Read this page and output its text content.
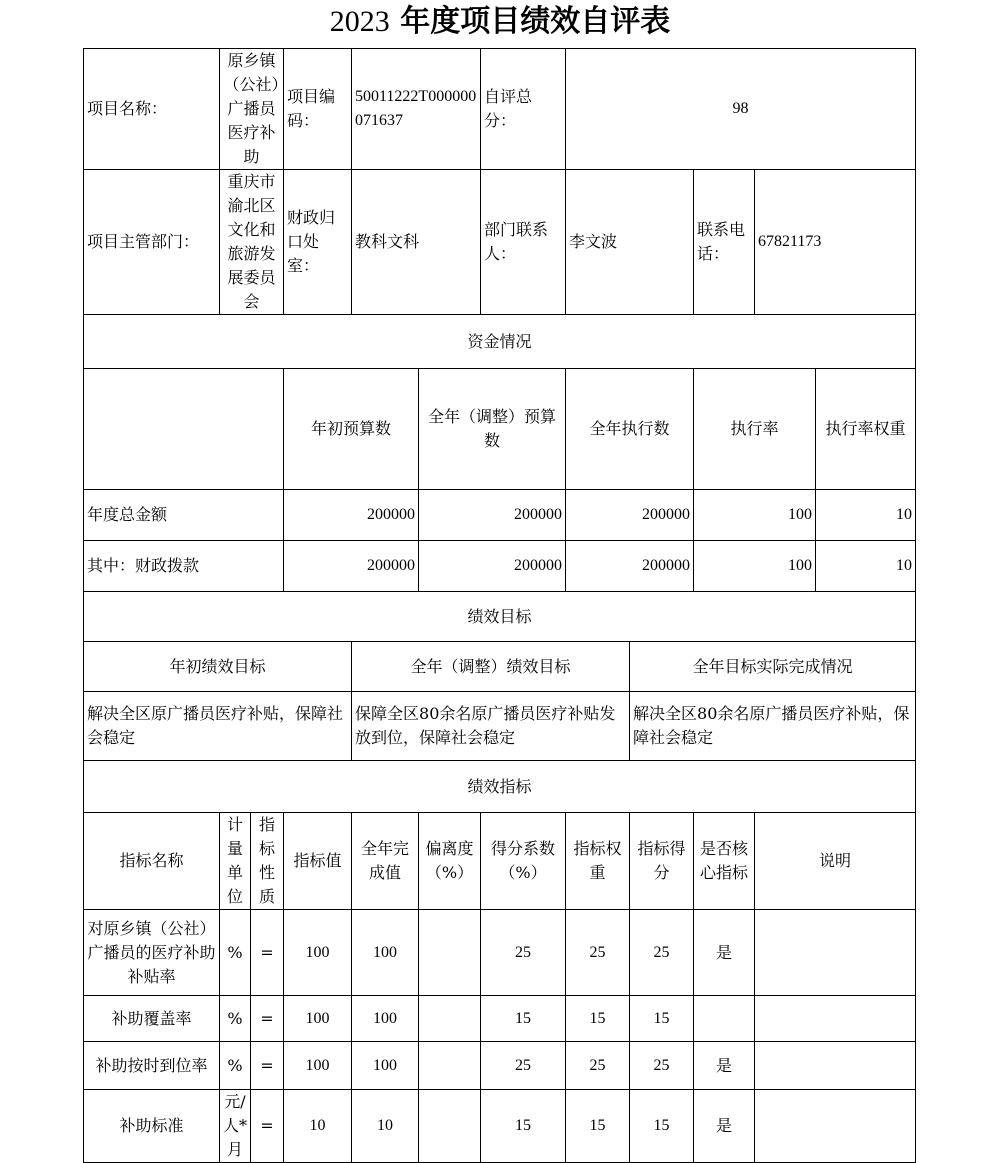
2023 年度项目绩效自评表
项目名称：	原乡镇（公社）广播员医疗补助		项目编码：	50011222T000000071637		自评总分：	98					
项目主管部门：	重庆市渝北区文化和旅游发展委员会		财政归口处室：	教科文科		部门联系人：	李文波		联系电话：	67821173		
资金情况												
			年初预算数		全年（调整）预算数		全年执行数		执行率		执行率权重	
年度总金额			200000		200000		200000		100		10	
其中：财政拨款			200000		200000		200000		100		10	
绩效目标												
年初绩效目标				全年（调整）绩效目标				全年目标实际完成情况				
解决全区原广播员医疗补贴，保障社会稳定				保障全区80余名原广播员医疗补贴发放到位，保障社会稳定				解决全区80余名原广播员医疗补贴，保障社会稳定				
绩效指标												
指标名称	计量单位	指标性质	指标值	全年完成值	偏离度（%）	得分系数（%）	指标权重	指标得分	是否核心指标	说明		
对原乡镇（公社）广播员的医疗补助补贴率	%	=	100	100		25	25	25	是			
补助覆盖率	%	=	100	100		15	15	15				
补助按时到位率	%	=	100	100		25	25	25	是			
补助标准	元/人*月	=	10	10		15	15	15	是			
